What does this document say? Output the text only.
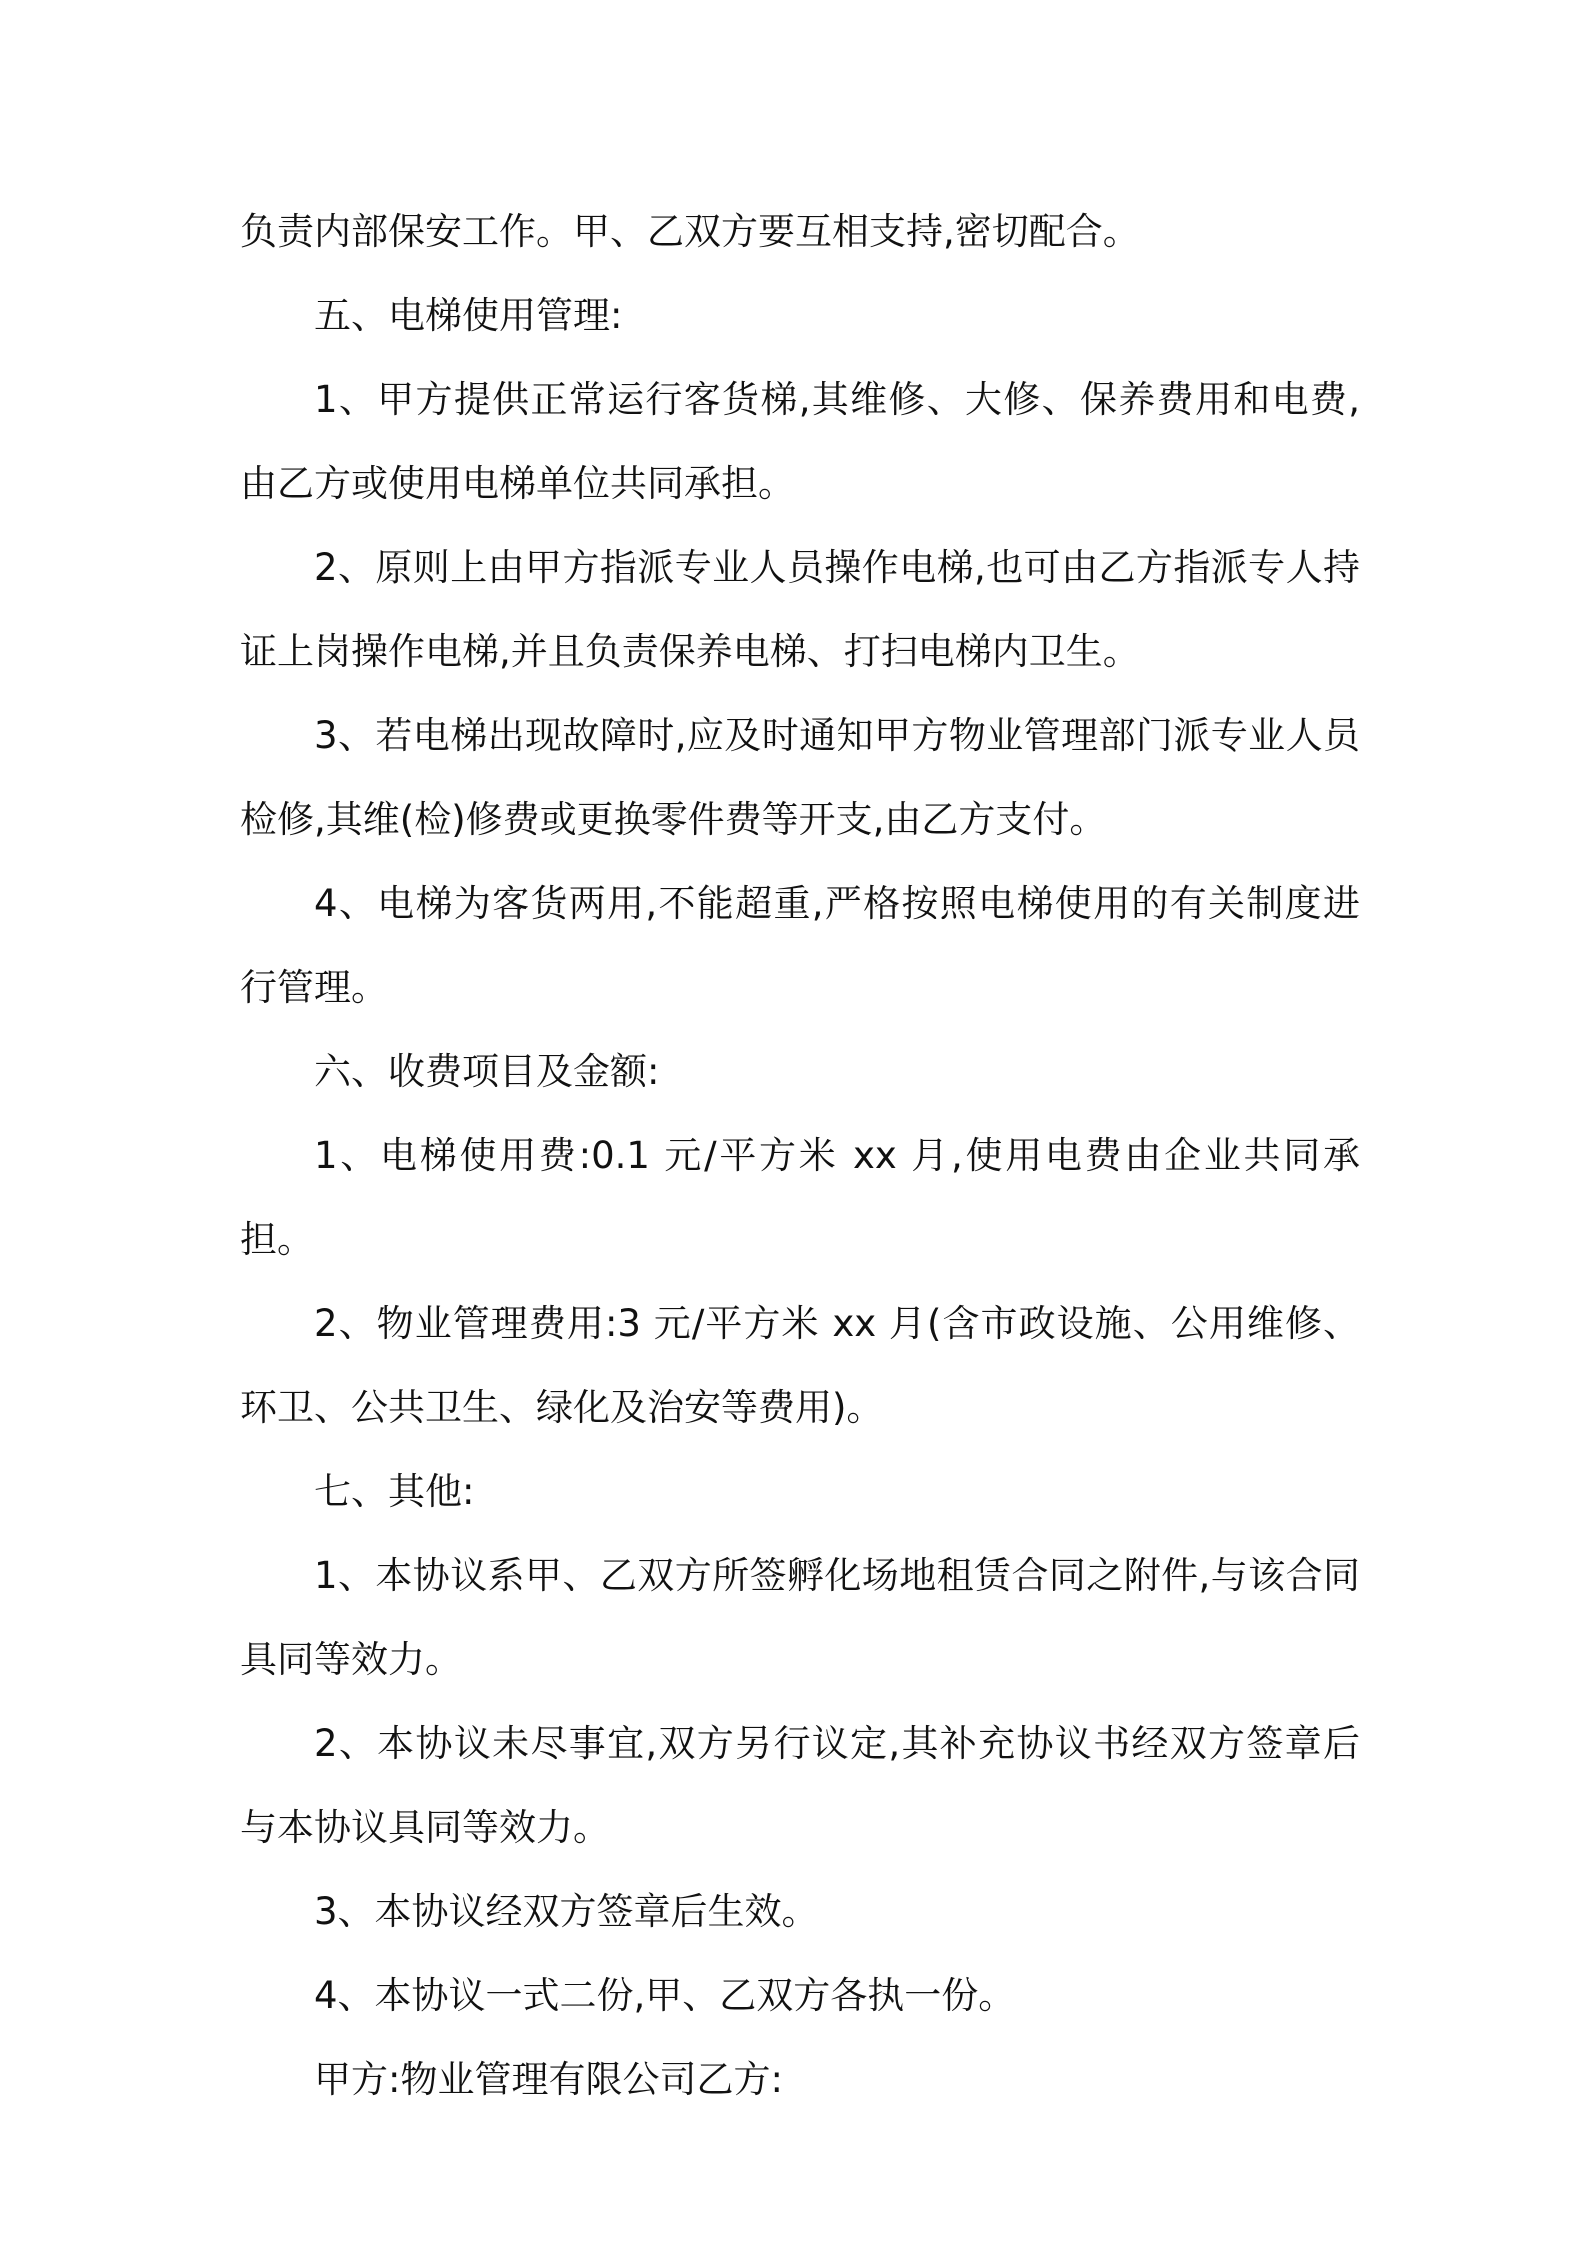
负责内部保安工作。甲、乙双方要互相支持,密切配合。

五、电梯使用管理:

1、甲方提供正常运行客货梯,其维修、大修、保养费用和电费,由乙方或使用电梯单位共同承担。

2、原则上由甲方指派专业人员操作电梯,也可由乙方指派专人持证上岗操作电梯,并且负责保养电梯、打扫电梯内卫生。

3、若电梯出现故障时,应及时通知甲方物业管理部门派专业人员检修,其维(检)修费或更换零件费等开支,由乙方支付。

4、电梯为客货两用,不能超重,严格按照电梯使用的有关制度进行管理。

六、收费项目及金额:

1、电梯使用费:0.1 元/平方米 xx 月,使用电费由企业共同承担。

2、物业管理费用:3 元/平方米 xx 月(含市政设施、公用维修、环卫、公共卫生、绿化及治安等费用)。

七、其他:

1、本协议系甲、乙双方所签孵化场地租赁合同之附件,与该合同具同等效力。

2、本协议未尽事宜,双方另行议定,其补充协议书经双方签章后与本协议具同等效力。

3、本协议经双方签章后生效。

4、本协议一式二份,甲、乙双方各执一份。

甲方:物业管理有限公司乙方:
